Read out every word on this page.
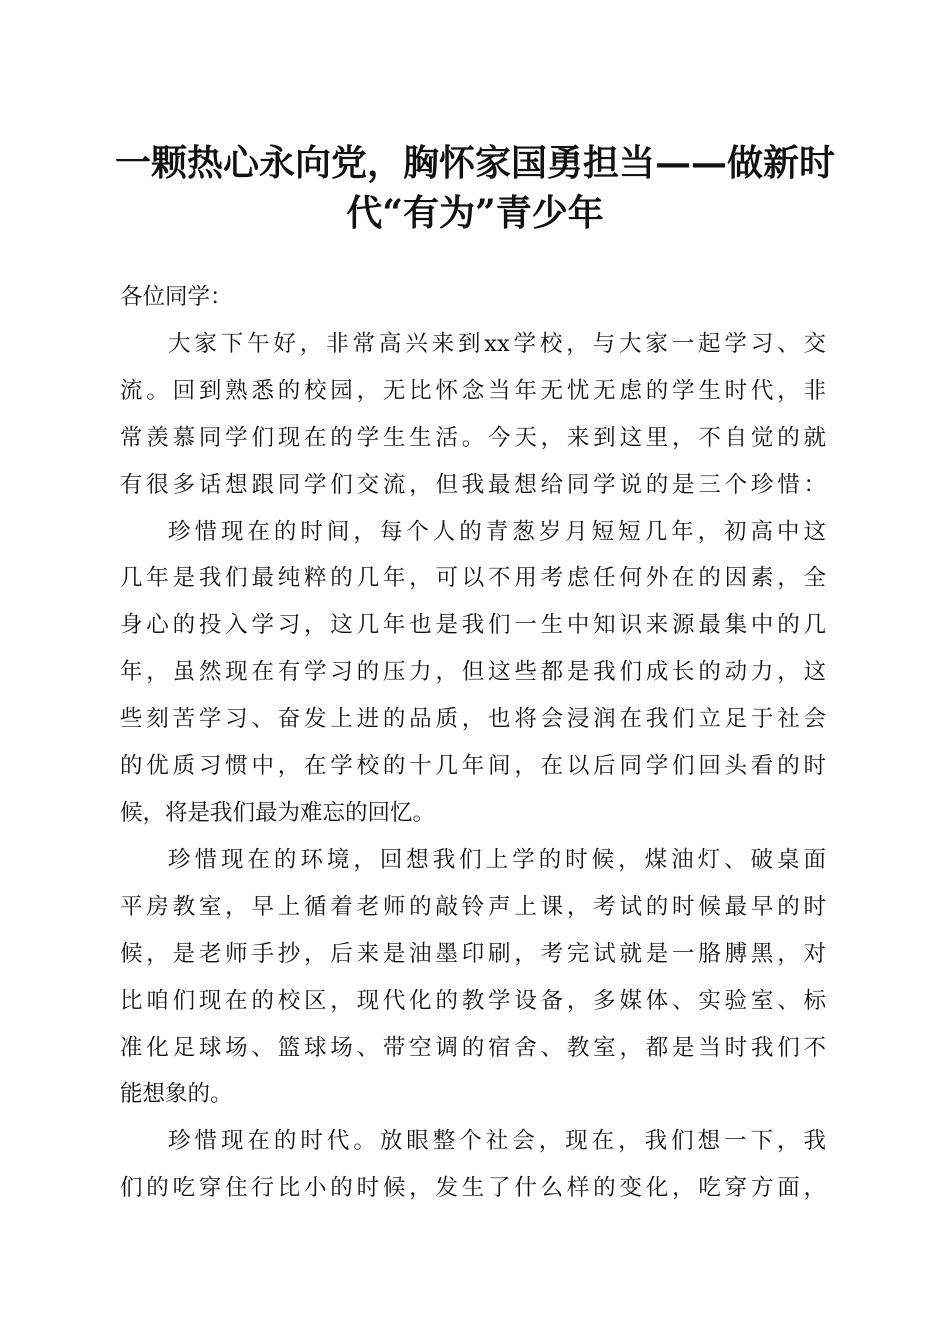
一颗热心永向党，胸怀家国勇担当——做新时
代“有为”青少年

各位同学：

大家下午好，非常高兴来到xx学校，与大家一起学习、交
流。回到熟悉的校园，无比怀念当年无忧无虑的学生时代，非
常羡慕同学们现在的学生生活。今天，来到这里，不自觉的就
有很多话想跟同学们交流，但我最想给同学说的是三个珍惜：

珍惜现在的时间，每个人的青葱岁月短短几年，初高中这
几年是我们最纯粹的几年，可以不用考虑任何外在的因素，全
身心的投入学习，这几年也是我们一生中知识来源最集中的几
年，虽然现在有学习的压力，但这些都是我们成长的动力，这
些刻苦学习、奋发上进的品质，也将会浸润在我们立足于社会
的优质习惯中，在学校的十几年间，在以后同学们回头看的时
候，将是我们最为难忘的回忆。

珍惜现在的环境，回想我们上学的时候，煤油灯、破桌面
平房教室，早上循着老师的敲铃声上课，考试的时候最早的时
候，是老师手抄，后来是油墨印刷，考完试就是一胳膊黑，对
比咱们现在的校区，现代化的教学设备，多媒体、实验室、标
准化足球场、篮球场、带空调的宿舍、教室，都是当时我们不
能想象的。

珍惜现在的时代。放眼整个社会，现在，我们想一下，我
们的吃穿住行比小的时候，发生了什么样的变化，吃穿方面，
